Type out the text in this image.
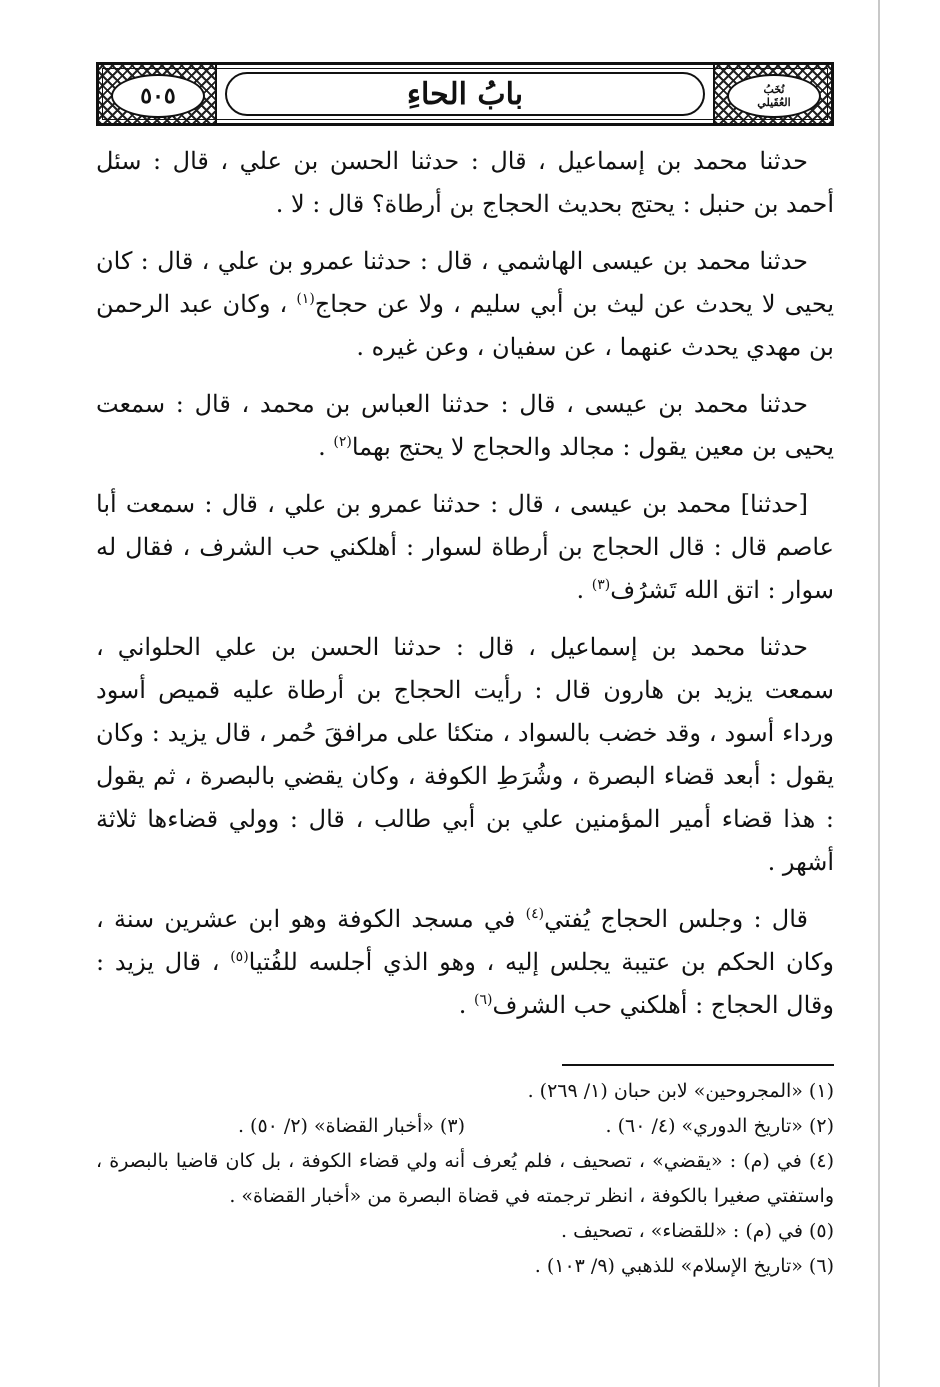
٥٠٥	بابُ الحاءِ	نُخَبُ
العُقَيلي

حدثنا محمد بن إسماعيل ، قال : حدثنا الحسن بن علي ، قال : سئل أحمد بن حنبل : يحتج بحديث الحجاج بن أرطاة؟ قال : لا .

حدثنا محمد بن عيسى الهاشمي ، قال : حدثنا عمرو بن علي ، قال : كان يحيى لا يحدث عن ليث بن أبي سليم ، ولا عن حجاج$^{(١)}$ ، وكان عبد الرحمن بن مهدي يحدث عنهما ، عن سفيان ، وعن غيره .

حدثنا محمد بن عيسى ، قال : حدثنا العباس بن محمد ، قال : سمعت يحيى بن معين يقول : مجالد والحجاج لا يحتج بهما$^{(٢)}$ .

[حدثنا] محمد بن عيسى ، قال : حدثنا عمرو بن علي ، قال : سمعت أبا عاصم قال : قال الحجاج بن أرطاة لسوار : أهلكني حب الشرف ، فقال له سوار : اتق الله تَشرُف$^{(٣)}$ .

حدثنا محمد بن إسماعيل ، قال : حدثنا الحسن بن علي الحلواني ، سمعت يزيد بن هارون قال : رأيت الحجاج بن أرطاة عليه قميص أسود ورداء أسود ، وقد خضب بالسواد ، متكئا على مرافقَ حُمر ، قال يزيد : وكان يقول : أبعد قضاء البصرة ، وشُرَطِ الكوفة ، وكان يقضي بالبصرة ، ثم يقول : هذا قضاء أمير المؤمنين علي بن أبي طالب ، قال : وولي قضاءها ثلاثة أشهر .

قال : وجلس الحجاج يُفتي$^{(٤)}$ في مسجد الكوفة وهو ابن عشرين سنة ، وكان الحكم بن عتيبة يجلس إليه ، وهو الذي أجلسه للفُتيا$^{(٥)}$ ، قال يزيد : وقال الحجاج : أهلكني حب الشرف$^{(٦)}$ .

(١) «المجروحين» لابن حبان (١/ ٢٦٩) .
(٢) «تاريخ الدوري» (٤/ ٦٠) .
(٣) «أخبار القضاة» (٢/ ٥٠) .
(٤) في (م) : «يقضي» ، تصحيف ، فلم يُعرف أنه ولي قضاء الكوفة ، بل كان قاضيا بالبصرة ، واستفتي صغيرا بالكوفة ، انظر ترجمته في قضاة البصرة من «أخبار القضاة» .
(٥) في (م) : «للقضاء» ، تصحيف .
(٦) «تاريخ الإسلام» للذهبي (٩/ ١٠٣) .
